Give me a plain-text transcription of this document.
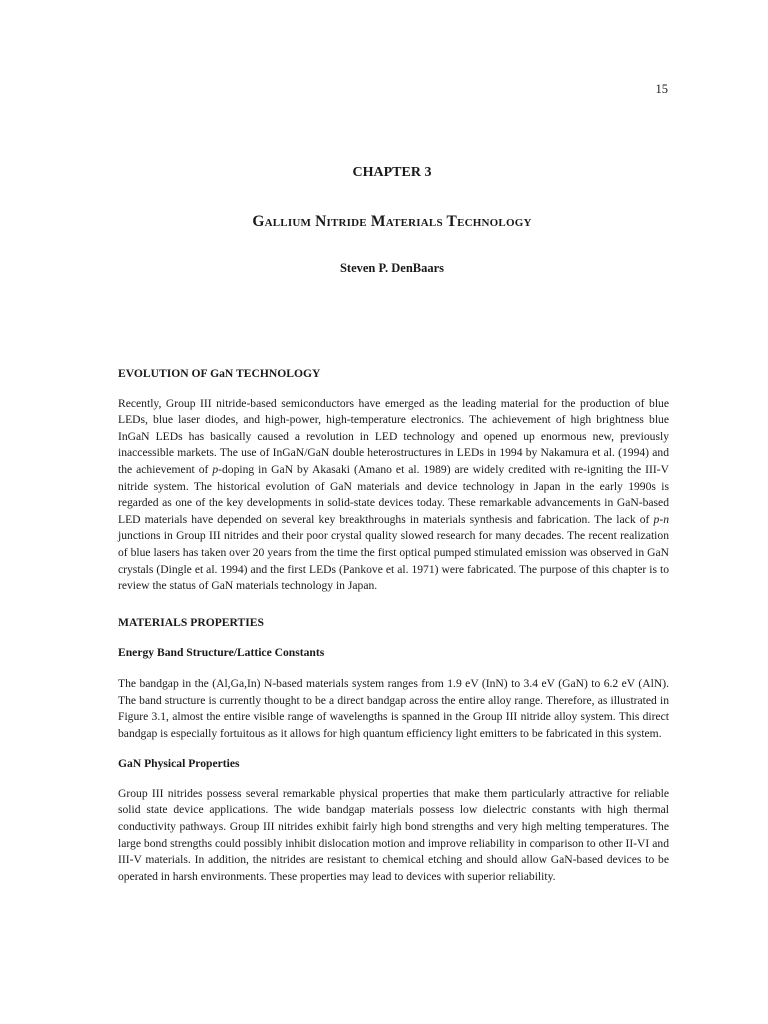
15
CHAPTER 3
Gallium Nitride Materials Technology
Steven P. DenBaars
EVOLUTION OF GaN TECHNOLOGY

Recently, Group III nitride-based semiconductors have emerged as the leading material for the production of blue LEDs, blue laser diodes, and high-power, high-temperature electronics. The achievement of high brightness blue InGaN LEDs has basically caused a revolution in LED technology and opened up enormous new, previously inaccessible markets. The use of InGaN/GaN double heterostructures in LEDs in 1994 by Nakamura et al. (1994) and the achievement of p-doping in GaN by Akasaki (Amano et al. 1989) are widely credited with re-igniting the III-V nitride system. The historical evolution of GaN materials and device technology in Japan in the early 1990s is regarded as one of the key developments in solid-state devices today. These remarkable advancements in GaN-based LED materials have depended on several key breakthroughs in materials synthesis and fabrication. The lack of p-n junctions in Group III nitrides and their poor crystal quality slowed research for many decades. The recent realization of blue lasers has taken over 20 years from the time the first optical pumped stimulated emission was observed in GaN crystals (Dingle et al. 1994) and the first LEDs (Pankove et al. 1971) were fabricated. The purpose of this chapter is to review the status of GaN materials technology in Japan.

MATERIALS PROPERTIES
Energy Band Structure/Lattice Constants

The bandgap in the (Al,Ga,In) N-based materials system ranges from 1.9 eV (InN) to 3.4 eV (GaN) to 6.2 eV (AlN). The band structure is currently thought to be a direct bandgap across the entire alloy range. Therefore, as illustrated in Figure 3.1, almost the entire visible range of wavelengths is spanned in the Group III nitride alloy system. This direct bandgap is especially fortuitous as it allows for high quantum efficiency light emitters to be fabricated in this system.

GaN Physical Properties

Group III nitrides possess several remarkable physical properties that make them particularly attractive for reliable solid state device applications. The wide bandgap materials possess low dielectric constants with high thermal conductivity pathways. Group III nitrides exhibit fairly high bond strengths and very high melting temperatures. The large bond strengths could possibly inhibit dislocation motion and improve reliability in comparison to other II-VI and III-V materials. In addition, the nitrides are resistant to chemical etching and should allow GaN-based devices to be operated in harsh environments. These properties may lead to devices with superior reliability.
